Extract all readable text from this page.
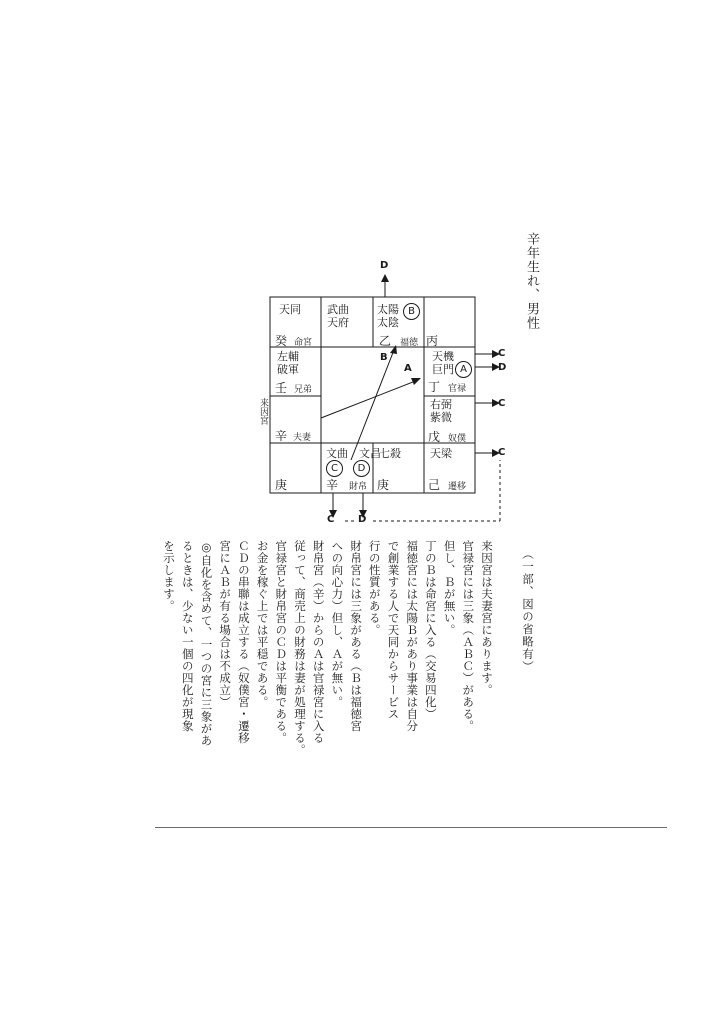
辛年生れ、男性
（一部、図の省略有）
来因宮
D
C
D
C
C
C D
B
A
天同
癸 命宮
武曲
天府
太陽
太陰
B
乙 福徳 丙
左輔
破軍
壬 兄弟
天機
巨門 A
丁 官禄
辛 夫妻
右弼
紫微
戊 奴僕
庚
文曲　文昌
C	D
辛 財帛
七殺
庚
天梁
己 遷移

来因宮は夫妻宮にあります。

官禄宮には三象（ＡＢＣ）がある。

但し、Ｂが無い。

丁のＢは命宮に入る（交易四化）

福徳宮には太陽Ｂがあり事業は自分

で創業する人で天同からサービス

行の性質がある。

財帛宮には三象がある（Ｂは福徳宮

への向心力）但し、Ａが無い。

財帛宮（辛）からのＡは官禄宮に入る

従って、商売上の財務は妻が処理する。

官禄宮と財帛宮のＣＤは平衡である。

お金を稼ぐ上では平穏である。

ＣＤの串聯は成立する（奴僕宮・遷移

宮にＡＢが有る場合は不成立）

◎自化を含めて、一つの宮に三象があ

るときは、少ない一個の四化が現象

を示します。
